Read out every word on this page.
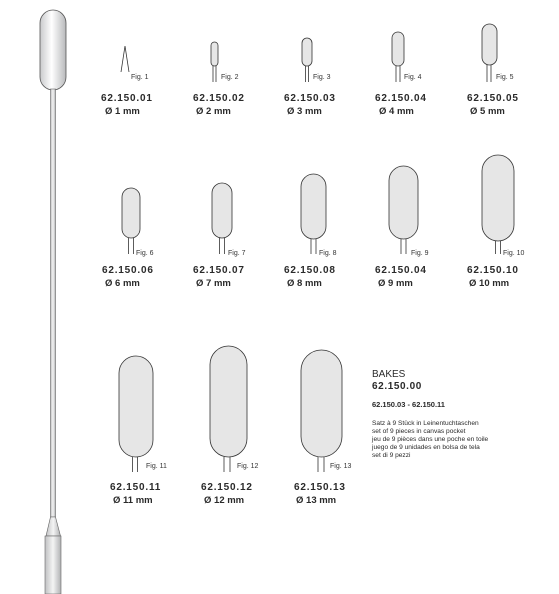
Fig. 1	Fig. 2	Fig. 3	Fig. 4	Fig. 5
Fig. 6	Fig. 7	Fig. 8	Fig. 9	Fig. 10
Fig. 11	Fig. 12	Fig. 13
62.150.01	62.150.02	62.150.03	62.150.04	62.150.05
62.150.06	62.150.07	62.150.08	62.150.04	62.150.10
62.150.11	62.150.12	62.150.13
Ø 1 mm	Ø 2 mm	Ø 3 mm	Ø 4 mm	Ø 5 mm
Ø 6 mm	Ø 7 mm	Ø 8 mm	Ø 9 mm	Ø 10 mm
Ø 11 mm	Ø 12 mm	Ø 13 mm
BAKES
62.150.00
62.150.03 - 62.150.11
Satz à 9 Stück in Leinentuchtaschen
set of 9 pieces in canvas pocket
jeu de 9 pièces dans une poche en toile
juego de 9 unidades en bolsa de tela
set di 9 pezzi
